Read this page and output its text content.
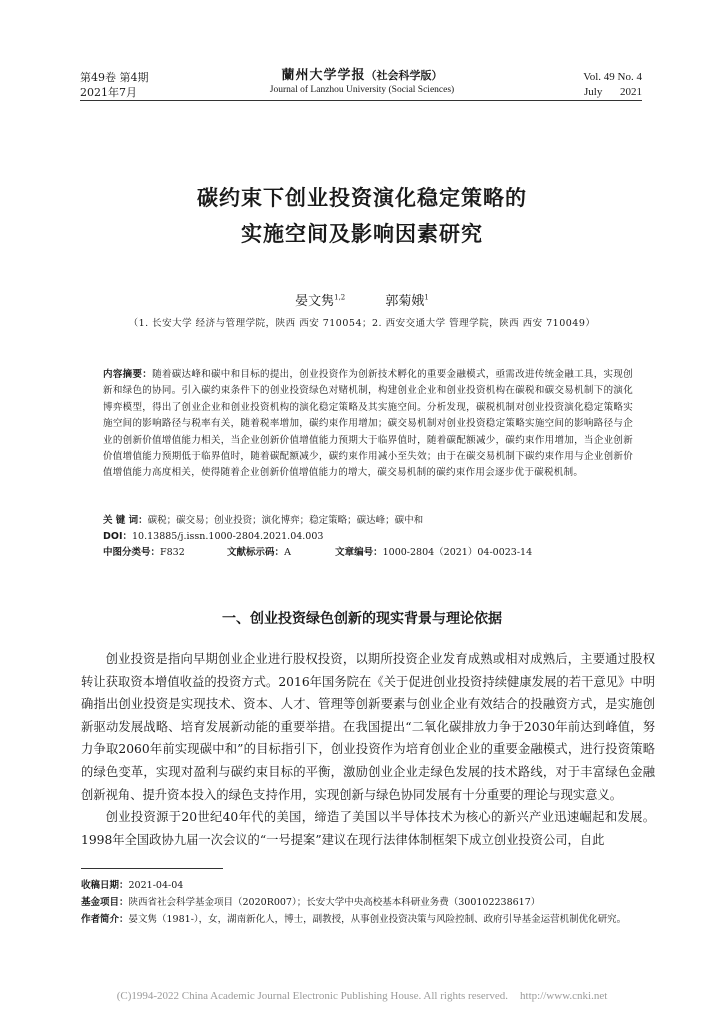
第49卷 第4期
2021年7月
蘭州大学学报（社会科学版）
Journal of Lanzhou University (Social Sciences)
Vol. 49 No. 4
July 2021
碳约束下创业投资演化稳定策略的
实施空间及影响因素研究
晏文隽$^{1,2}$	郭菊娥$^1$
（1. 长安大学 经济与管理学院，陕西 西安 710054；2. 西安交通大学 管理学院，陕西 西安 710049）
内容摘要：随着碳达峰和碳中和目标的提出，创业投资作为创新技术孵化的重要金融模式，亟需改进传统金融工具，实现创新和绿色的协同。引入碳约束条件下的创业投资绿色对赌机制，构建创业企业和创业投资机构在碳税和碳交易机制下的演化博弈模型，得出了创业企业和创业投资机构的演化稳定策略及其实施空间。分析发现，碳税机制对创业投资演化稳定策略实施空间的影响路径与税率有关，随着税率增加，碳约束作用增加；碳交易机制对创业投资稳定策略实施空间的影响路径与企业的创新价值增值能力相关，当企业创新价值增值能力预期大于临界值时，随着碳配额减少，碳约束作用增加，当企业创新价值增值能力预期低于临界值时，随着碳配额减少，碳约束作用减小至失效；由于在碳交易机制下碳约束作用与企业创新价值增值能力高度相关，使得随着企业创新价值增值能力的增大，碳交易机制的碳约束作用会逐步优于碳税机制。
关 键 词：碳税；碳交易；创业投资；演化博弈；稳定策略；碳达峰；碳中和
DOI：10.13885/j.issn.1000-2804.2021.04.003
中图分类号：F832	文献标示码：A	文章编号：1000-2804（2021）04-0023-14
一、创业投资绿色创新的现实背景与理论依据

创业投资是指向早期创业企业进行股权投资，以期所投资企业发育成熟或相对成熟后，主要通过股权转让获取资本增值收益的投资方式。2016年国务院在《关于促进创业投资持续健康发展的若干意见》中明确指出创业投资是实现技术、资本、人才、管理等创新要素与创业企业有效结合的投融资方式，是实施创新驱动发展战略、培育发展新动能的重要举措。在我国提出“二氧化碳排放力争于2030年前达到峰值，努力争取2060年前实现碳中和”的目标指引下，创业投资作为培育创业企业的重要金融模式，进行投资策略的绿色变革，实现对盈利与碳约束目标的平衡，激励创业企业走绿色发展的技术路线，对于丰富绿色金融创新视角、提升资本投入的绿色支持作用，实现创新与绿色协同发展有十分重要的理论与现实意义。

创业投资源于20世纪40年代的美国，缔造了美国以半导体技术为核心的新兴产业迅速崛起和发展。1998年全国政协九届一次会议的“一号提案”建议在现行法律体制框架下成立创业投资公司，自此

收稿日期： 2021-04-04
基金项目： 陕西省社会科学基金项目（2020R007）；长安大学中央高校基本科研业务费（300102238617）
作者简介： 晏文隽（1981-），女，湖南新化人，博士，副教授，从事创业投资决策与风险控制、政府引导基金运营机制优化研究。
(C)1994-2022 China Academic Journal Electronic Publishing House. All rights reserved. http://www.cnki.net
